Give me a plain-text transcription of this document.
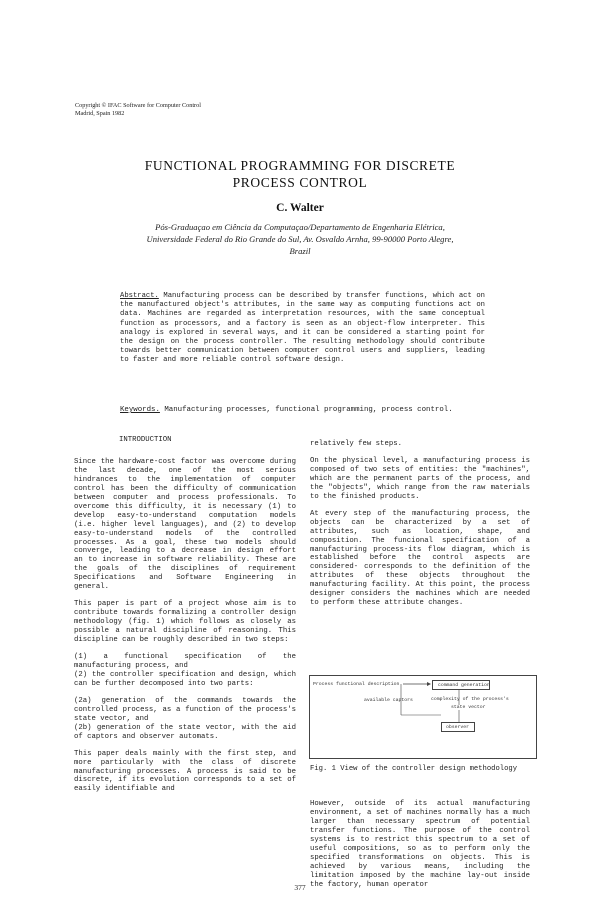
Copyright © IFAC Software for Computer Control
Madrid, Spain 1982
FUNCTIONAL PROGRAMMING FOR DISCRETE
PROCESS CONTROL
C. Walter
Pós-Graduaçao em Ciência da Computaçao/Departamento de Engenharia Elétrica,
Universidade Federal do Rio Grande do Sul, Av. Osvaldo Arnha, 99-90000 Porto Alegre,
Brazil
Abstract. Manufacturing process can be described by transfer functions, which act on the manufactured object's attributes, in the same way as computing functions act on data. Machines are regarded as interpretation resources, with the same conceptual function as processors, and a factory is seen as an object-flow interpreter. This analogy is explored in several ways, and it can be considered a starting point for the design on the process controller. The resulting methodology should contribute towards better communication between computer control users and suppliers, leading to faster and more reliable control software design.
Keywords. Manufacturing processes, functional programming, process control.

INTRODUCTION

Since the hardware-cost factor was overcome during the last decade, one of the most serious hindrances to the implementation of computer control has been the difficulty of communication between computer and process professionals. To overcome this difficulty, it is necessary (1) to develop easy-to-understand computation models (i.e. higher level languages), and (2) to develop easy-to-understand models of the controlled processes. As a goal, these two models should converge, leading to a decrease in design effort an to increase in software reliability. These are the goals of the disciplines of requirement Specifications and Software Engineering in general.

This paper is part of a project whose aim is to contribute towards formalizing a controller design methodology (fig. 1) which follows as closely as possible a natural discipline of reasoning. This discipline can be roughly described in two steps:

(1) a functional specification of the manufacturing process, and

(2) the controller specification and design, which can be further decomposed into two parts:

(2a) generation of the commands towards the controlled process, as a function of the process's state vector, and

(2b) generation of the state vector, with the aid of captors and observer automats.

This paper deals mainly with the first step, and more particularly with the class of discrete manufacturing processes. A process is said to be discrete, if its evolution corresponds to a set of easily identifiable and

relatively few steps.

On the physical level, a manufacturing process is composed of two sets of entities: the "machines", which are the permanent parts of the process, and the "objects", which range from the raw materials to the finished products.

At every step of the manufacturing process, the objects can be characterized by a set of attributes, such as location, shape, and composition. The funcional specification of a manufacturing process-its flow diagram, which is established before the control aspects are considered- corresponds to the definition of the attributes of these objects throughout the manufacturing facility. At this point, the process designer considers the machines which are needed to perform these attribute changes.

Process functional description	command generation
available captors	complexity of the process's
state vector
observer
Fig. 1 View of the controller design methodology

However, outside of its actual manufacturing environment, a set of machines normally has a much larger than necessary spectrum of potential transfer functions. The purpose of the control systems is to restrict this spectrum to a set of useful compositions, so as to perform only the specified transformations on objects. This is achieved by various means, including the limitation imposed by the machine lay-out inside the factory, human operator

377
